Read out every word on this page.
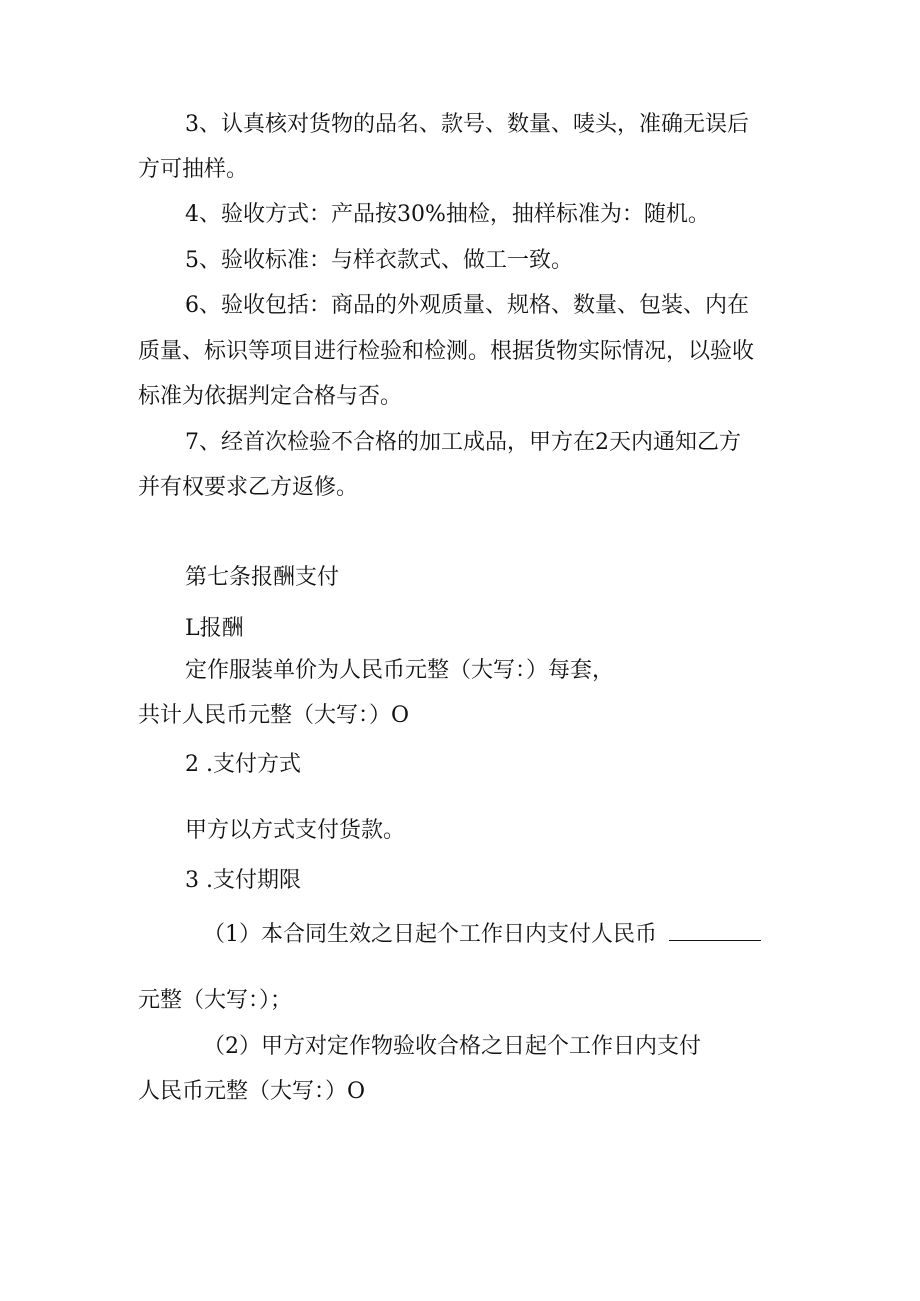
3、认真核对货物的品名、款号、数量、唛头，准确无误后
方可抽样。
4、验收方式：产品按30%抽检，抽样标准为：随机。
5、验收标准：与样衣款式、做工一致。
6、验收包括：商品的外观质量、规格、数量、包装、内在
质量、标识等项目进行检验和检测。根据货物实际情况，以验收
标准为依据判定合格与否。
7、经首次检验不合格的加工成品，甲方在2天内通知乙方
并有权要求乙方返修。
第七条报酬支付
L报酬
定作服装单价为人民币元整（大写：）每套，
共计人民币元整（大写：）O
2 .支付方式
甲方以方式支付货款。
3 .支付期限
（1）本合同生效之日起个工作日内支付人民币
元整（大写：）；
（2）甲方对定作物验收合格之日起个工作日内支付
人民币元整（大写：）O
